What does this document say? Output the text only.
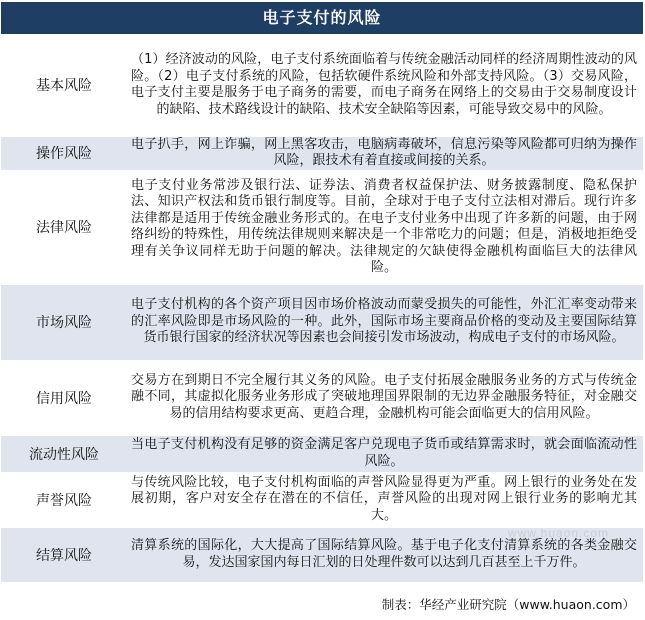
电子支付的风险
基本风险	（1）经济波动的风险，电子支付系统面临着与传统金融活动同样的经济周期性波动的风险。（2）电子支付系统的风险，包括软硬件系统风险和外部支持风险。（3）交易风险，电子支付主要是服务于电子商务的需要，而电子商务在网络上的交易由于交易制度设计的缺陷、技术路线设计的缺陷、技术安全缺陷等因素，可能导致交易中的风险。
操作风险	电子扒手，网上诈骗，网上黑客攻击，电脑病毒破坏，信息污染等风险都可归纳为操作风险，跟技术有着直接或间接的关系。
法律风险	电子支付业务常涉及银行法、证券法、消费者权益保护法、财务披露制度、隐私保护法、知识产权法和货币银行制度等。目前，全球对于电子支付立法相对滞后。现行许多法律都是适用于传统金融业务形式的。在电子支付业务中出现了许多新的问题，由于网络纠纷的特殊性，用传统法律规则来解决是一个非常吃力的问题；但是，消极地拒绝受理有关争议同样无助于问题的解决。法律规定的欠缺使得金融机构面临巨大的法律风险。
市场风险	电子支付机构的各个资产项目因市场价格波动而蒙受损失的可能性，外汇汇率变动带来的汇率风险即是市场风险的一种。此外，国际市场主要商品价格的变动及主要国际结算货币银行国家的经济状况等因素也会间接引发市场波动，构成电子支付的市场风险。
信用风险	交易方在到期日不完全履行其义务的风险。电子支付拓展金融服务业务的方式与传统金融不同，其虚拟化服务业务形成了突破地理国界限制的无边界金融服务特征，对金融交易的信用结构要求更高、更趋合理，金融机构可能会面临更大的信用风险。
流动性风险	当电子支付机构没有足够的资金满足客户兑现电子货币或结算需求时，就会面临流动性风险。
声誉风险	与传统风险比较，电子支付机构面临的声誉风险显得更为严重。网上银行的业务处在发展初期，客户对安全存在潜在的不信任，声誉风险的出现对网上银行业务的影响尤其大。
结算风险	清算系统的国际化，大大提高了国际结算风险。基于电子化支付清算系统的各类金融交易，发达国家国内每日汇划的日处理件数可以达到几百甚至上千万件。
www.huaon.com
制表：华经产业研究院（www.huaon.com）
